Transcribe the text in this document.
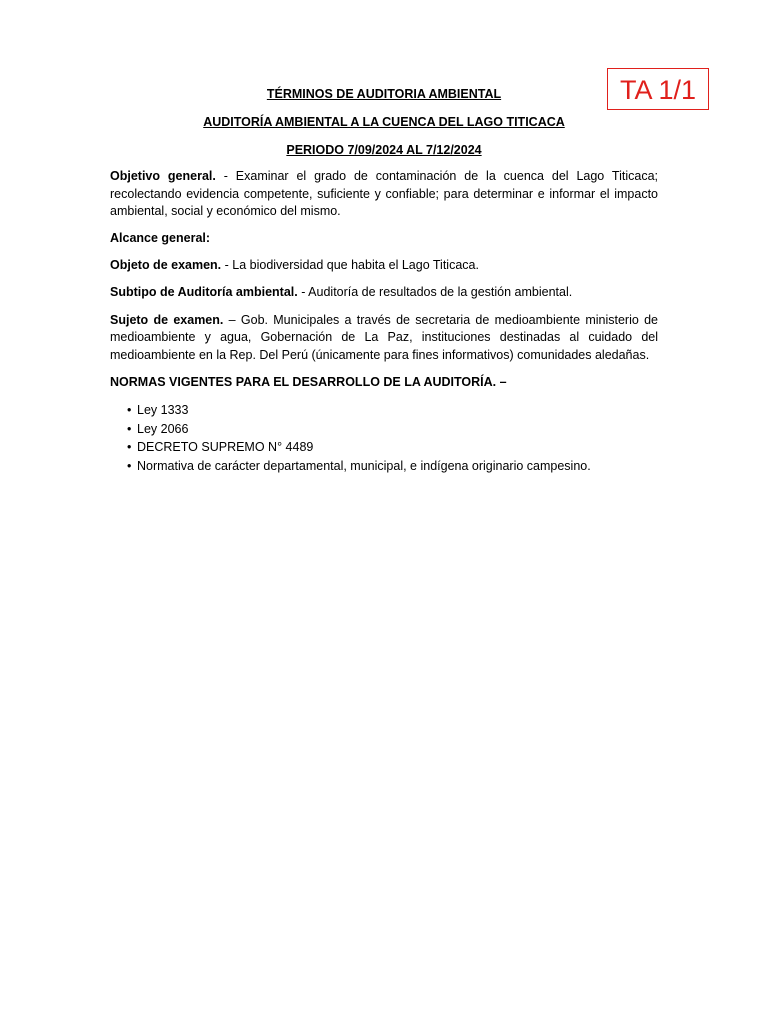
TA 1/1
TÉRMINOS DE AUDITORIA AMBIENTAL
AUDITORÍA AMBIENTAL A LA CUENCA DEL LAGO TITICACA
PERIODO 7/09/2024 AL 7/12/2024

Objetivo general. - Examinar el grado de contaminación de la cuenca del Lago Titicaca; recolectando evidencia competente, suficiente y confiable; para determinar e informar el impacto ambiental, social y económico del mismo.

Alcance general:

Objeto de examen. - La biodiversidad que habita el Lago Titicaca.

Subtipo de Auditoría ambiental. - Auditoría de resultados de la gestión ambiental.

Sujeto de examen. – Gob. Municipales a través de secretaria de medioambiente ministerio de medioambiente y agua, Gobernación de La Paz, instituciones destinadas al cuidado del medioambiente en la Rep. Del Perú (únicamente para fines informativos) comunidades aledañas.

NORMAS VIGENTES PARA EL DESARROLLO DE LA AUDITORÍA. –

• Ley 1333
• Ley 2066
• DECRETO SUPREMO N° 4489
• Normativa de carácter departamental, municipal, e indígena originario campesino.
